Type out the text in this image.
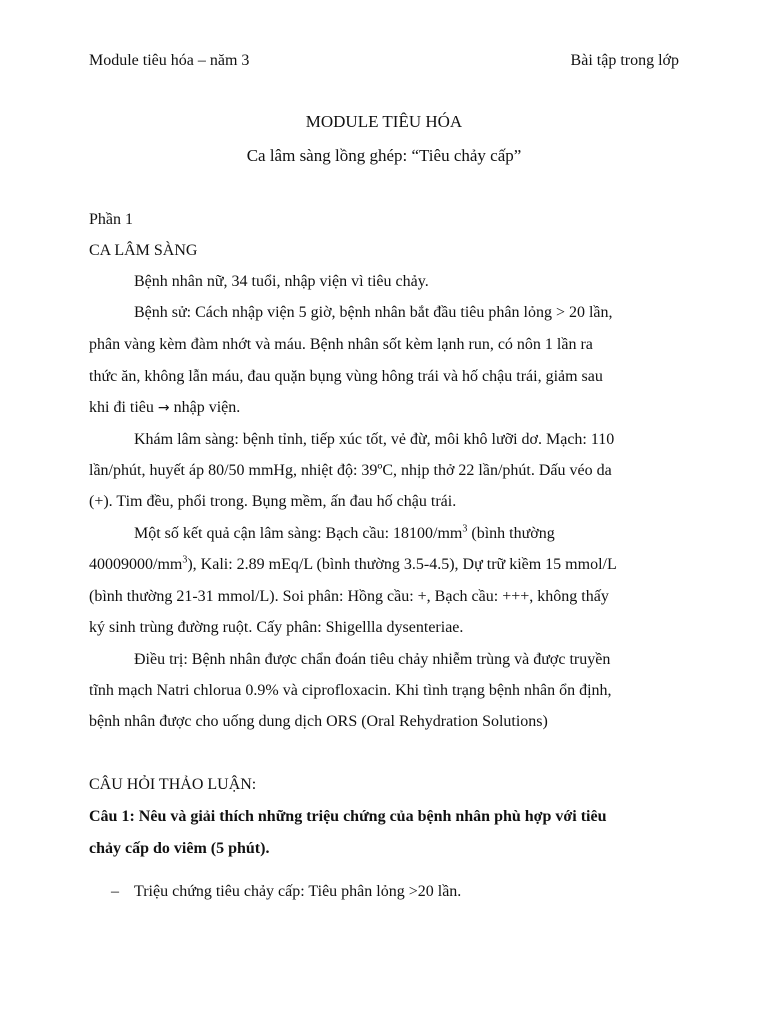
Module tiêu hóa – năm 3	Bài tập trong lớp
MODULE TIÊU HÓA
Ca lâm sàng lồng ghép: “Tiêu chảy cấp”
Phần 1
CA LÂM SÀNG
Bệnh nhân nữ, 34 tuổi, nhập viện vì tiêu chảy.
Bệnh sử: Cách nhập viện 5 giờ, bệnh nhân bắt đầu tiêu phân lỏng > 20 lần,
phân vàng kèm đàm nhớt và máu. Bệnh nhân sốt kèm lạnh run, có nôn 1 lần ra
thức ăn, không lẫn máu, đau quặn bụng vùng hông trái và hố chậu trái, giảm sau
khi đi tiêu → nhập viện.
Khám lâm sàng: bệnh tỉnh, tiếp xúc tốt, vẻ đừ, môi khô lưỡi dơ. Mạch: 110
lần/phút, huyết áp 80/50 mmHg, nhiệt độ: 39ºC, nhịp thở 22 lần/phút. Dấu véo da
(+). Tim đều, phổi trong. Bụng mềm, ấn đau hố chậu trái.
Một số kết quả cận lâm sàng: Bạch cầu: $18100/mm^3$ (bình thường
$40009000/mm^3$), Kali: 2.89 mEq/L (bình thường 3.5-4.5), Dự trữ kiềm 15 mmol/L
(bình thường 21-31 mmol/L). Soi phân: Hồng cầu: +, Bạch cầu: +++, không thấy
ký sinh trùng đường ruột. Cấy phân: Shigellla dysenteriae.
Điều trị: Bệnh nhân được chẩn đoán tiêu chảy nhiễm trùng và được truyền
tĩnh mạch Natri chlorua 0.9% và ciprofloxacin. Khi tình trạng bệnh nhân ổn định,
bệnh nhân được cho uống dung dịch ORS (Oral Rehydration Solutions)
CÂU HỎI THẢO LUẬN:
Câu 1: Nêu và giải thích những triệu chứng của bệnh nhân phù hợp với tiêu
chảy cấp do viêm (5 phút).
– Triệu chứng tiêu chảy cấp: Tiêu phân lỏng >20 lần.
